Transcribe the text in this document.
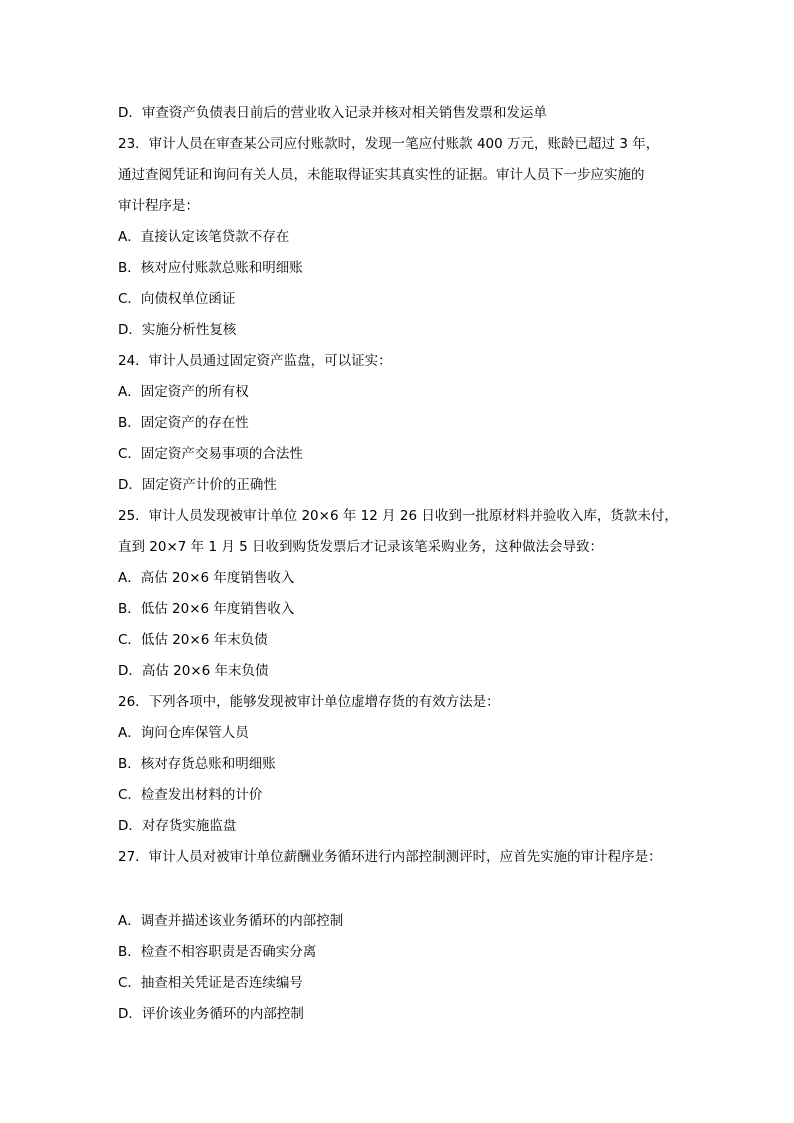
D．审查资产负债表日前后的营业收入记录并核对相关销售发票和发运单
23．审计人员在审查某公司应付账款时，发现一笔应付账款 400 万元，账龄已超过 3 年，
通过查阅凭证和询问有关人员，未能取得证实其真实性的证据。审计人员下一步应实施的
审计程序是：
A．直接认定该笔贷款不存在
B．核对应付账款总账和明细账
C．向债权单位函证
D．实施分析性复核
24．审计人员通过固定资产监盘，可以证实：
A．固定资产的所有权
B．固定资产的存在性
C．固定资产交易事项的合法性
D．固定资产计价的正确性
25．审计人员发现被审计单位 20×6 年 12 月 26 日收到一批原材料并验收入库，货款未付，
直到 20×7 年 1 月 5 日收到购货发票后才记录该笔采购业务，这种做法会导致：
A．高估 20×6 年度销售收入
B．低估 20×6 年度销售收入
C．低估 20×6 年末负债
D．高估 20×6 年末负债
26．下列各项中，能够发现被审计单位虚增存货的有效方法是：
A．询问仓库保管人员
B．核对存货总账和明细账
C．检查发出材料的计价
D．对存货实施监盘
27．审计人员对被审计单位薪酬业务循环进行内部控制测评时，应首先实施的审计程序是：
A．调查并描述该业务循环的内部控制
B．检查不相容职责是否确实分离
C．抽查相关凭证是否连续编号
D．评价该业务循环的内部控制
